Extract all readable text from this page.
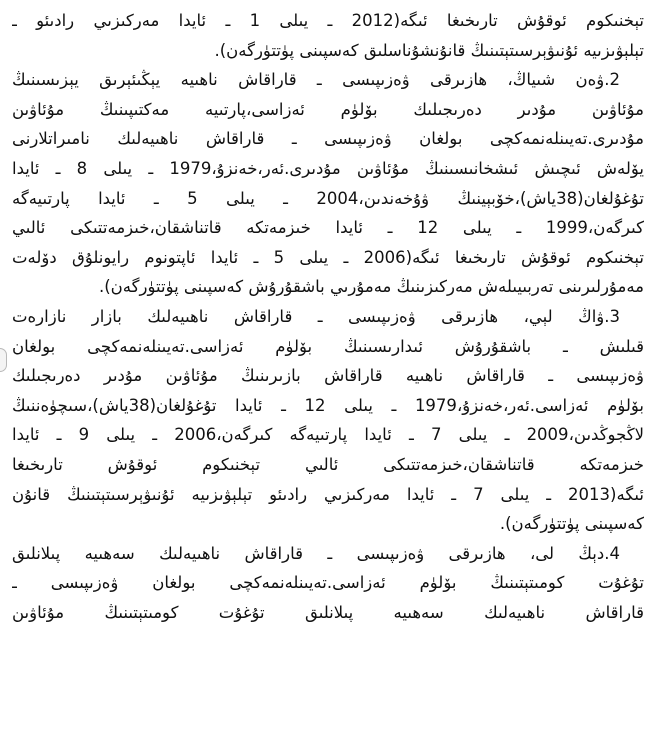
تېخنىكوم ئوقۇش تارىخىغا ئىگە(2012 ـ يىلى 1 ـ ئايدا مەركىزىي رادىئو ـ
تېلېۋىزىيە ئۇنىۋېرسىتېتىنىڭ قانۇنشۇناسلىق كەسپىنى پۈتتۈرگەن).
2.ۋەن شىياڭ، ھازىرقى ۋەزىپىسى ـ قاراقاش ناھىيە يېڭىئېرىق يېزىسىنىڭ
مۇئاۋىن مۇدىر دەرىجىلىك بۆلۈم ئەزاسى،پارتىيە مەكتىپىنىڭ مۇئاۋىن
مۇدىرى.تەيىنلەنمەكچى بولغان ۋەزىپىسى ـ قاراقاش ناھىيەلىك نامىراتلارنى
يۆلەش ئىچىش ئىشخانىسىنىڭ مۇئاۋىن مۇدىرى.ئەر،خەنزۇ،1979 ـ يىلى 8 ـ ئايدا
تۇغۇلغان(38ياش)،خۆبېينىڭ ۋۇخەندىن،2004 ـ يىلى 5 ـ ئايدا پارتىيەگە
كىرگەن،1999 ـ يىلى 12 ـ ئايدا خىزمەتكە قاتناشقان،خىزمەتتىكى ئالىي
تېخنىكوم ئوقۇش تارىخىغا ئىگە(2006 ـ يىلى 5 ـ ئايدا ئاپتونوم رايونلۇق دۆلەت
مەمۇرلىرىنى تەربىيىلەش مەركىزىنىڭ مەمۇرىي باشقۇرۇش كەسپىنى پۈتتۈرگەن).
3.ۋاڭ لېي، ھازىرقى ۋەزىپىسى ـ قاراقاش ناھىيەلىك بازار نازارەت
قىلىش ـ باشقۇرۇش ئىدارىسىنىڭ بۆلۈم ئەزاسى.تەيىنلەنمەكچى بولغان
ۋەزىپىسى ـ قاراقاش ناھىيە قاراقاش بازىرىنىڭ مۇئاۋىن مۇدىر دەرىجىلىك
بۆلۈم ئەزاسى.ئەر،خەنزۇ،1979 ـ يىلى 12 ـ ئايدا تۇغۇلغان(38ياش)،سىچۈەننىڭ
لاڭجوڭدىن،2009 ـ يىلى 7 ـ ئايدا پارتىيەگە كىرگەن،2006 ـ يىلى 9 ـ ئايدا
خىزمەتكە قاتناشقان،خىزمەتتىكى ئالىي تېخنىكوم ئوقۇش تارىخىغا
ئىگە(2013 ـ يىلى 7 ـ ئايدا مەركىزىي رادىئو تېلېۋىزىيە ئۇنىۋېرسىتېتىنىڭ قانۇن
كەسپىنى پۈتتۈرگەن).
4.دېڭ لى، ھازىرقى ۋەزىپىسى ـ قاراقاش ناھىيەلىك سەھىيە پىلانلىق
تۇغۇت كومىتېتىنىڭ بۆلۈم ئەزاسى.تەيىنلەنمەكچى بولغان ۋەزىپىسى ـ
قاراقاش ناھىيەلىك سەھىيە پىلانلىق تۇغۇت كومىتېتىنىڭ مۇئاۋىن
